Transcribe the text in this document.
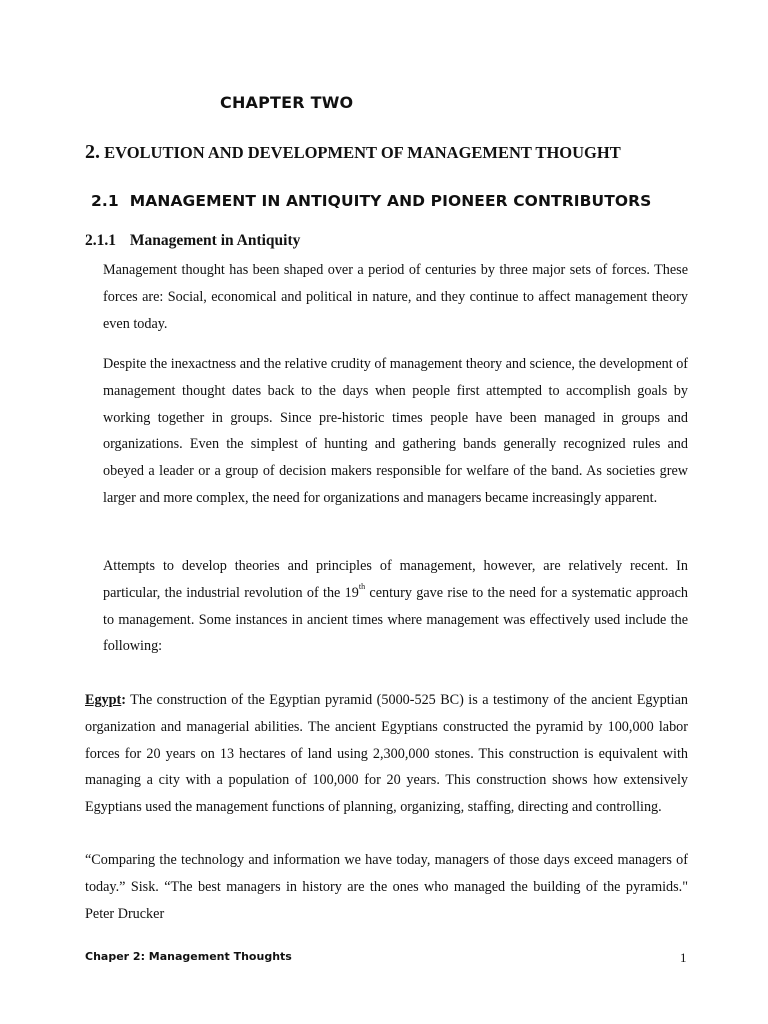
CHAPTER TWO
2. EVOLUTION AND DEVELOPMENT OF MANAGEMENT THOUGHT
2.1 MANAGEMENT IN ANTIQUITY AND PIONEER CONTRIBUTORS
2.1.1 Management in Antiquity

Management thought has been shaped over a period of centuries by three major sets of forces. These forces are: Social, economical and political in nature, and they continue to affect management theory even today.

Despite the inexactness and the relative crudity of management theory and science, the development of management thought dates back to the days when people first attempted to accomplish goals by working together in groups. Since pre-historic times people have been managed in groups and organizations. Even the simplest of hunting and gathering bands generally recognized rules and obeyed a leader or a group of decision makers responsible for welfare of the band. As societies grew larger and more complex, the need for organizations and managers became increasingly apparent.

Attempts to develop theories and principles of management, however, are relatively recent. In particular, the industrial revolution of the 19th century gave rise to the need for a systematic approach to management. Some instances in ancient times where management was effectively used include the following:

Egypt: The construction of the Egyptian pyramid (5000-525 BC) is a testimony of the ancient Egyptian organization and managerial abilities. The ancient Egyptians constructed the pyramid by 100,000 labor forces for 20 years on 13 hectares of land using 2,300,000 stones. This construction is equivalent with managing a city with a population of 100,000 for 20 years. This construction shows how extensively Egyptians used the management functions of planning, organizing, staffing, directing and controlling.

“Comparing the technology and information we have today, managers of those days exceed managers of today.” Sisk. “The best managers in history are the ones who managed the building of the pyramids." Peter Drucker

Chaper 2: Management Thoughts	1
